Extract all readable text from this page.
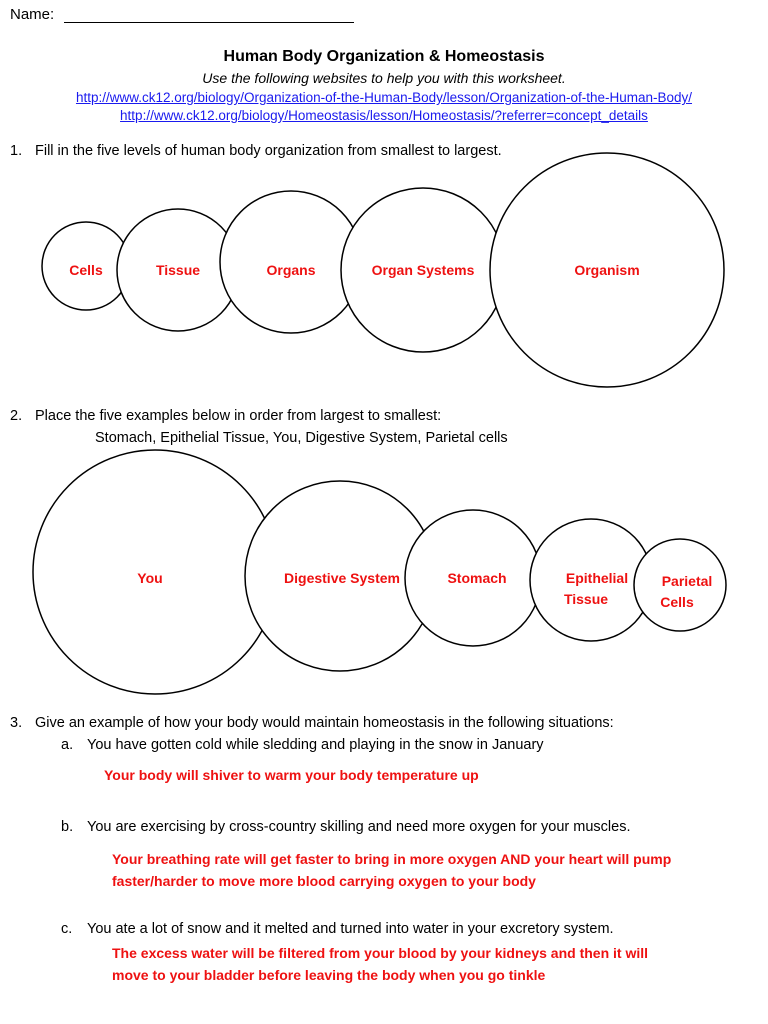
Name:
Human Body Organization & Homeostasis
Use the following websites to help you with this worksheet.
http://www.ck12.org/biology/Organization-of-the-Human-Body/lesson/Organization-of-the-Human-Body/
http://www.ck12.org/biology/Homeostasis/lesson/Homeostasis/?referrer=concept_details
1. Fill in the five levels of human body organization from smallest to largest.
2. Place the five examples below in order from largest to smallest:
Stomach, Epithelial Tissue, You, Digestive System, Parietal cells
Cells	Tissue	Organs	Organ Systems	Organism
You	Digestive System	Stomach	Epithelial
Tissue
Parietal
Cells
3. Give an example of how your body would maintain homeostasis in the following situations:
a. You have gotten cold while sledding and playing in the snow in January
Your body will shiver to warm your body temperature up
b. You are exercising by cross-country skilling and need more oxygen for your muscles.
Your breathing rate will get faster to bring in more oxygen AND your heart will pump
faster/harder to move more blood carrying oxygen to your body
c. You ate a lot of snow and it melted and turned into water in your excretory system.
The excess water will be filtered from your blood by your kidneys and then it will
move to your bladder before leaving the body when you go tinkle
